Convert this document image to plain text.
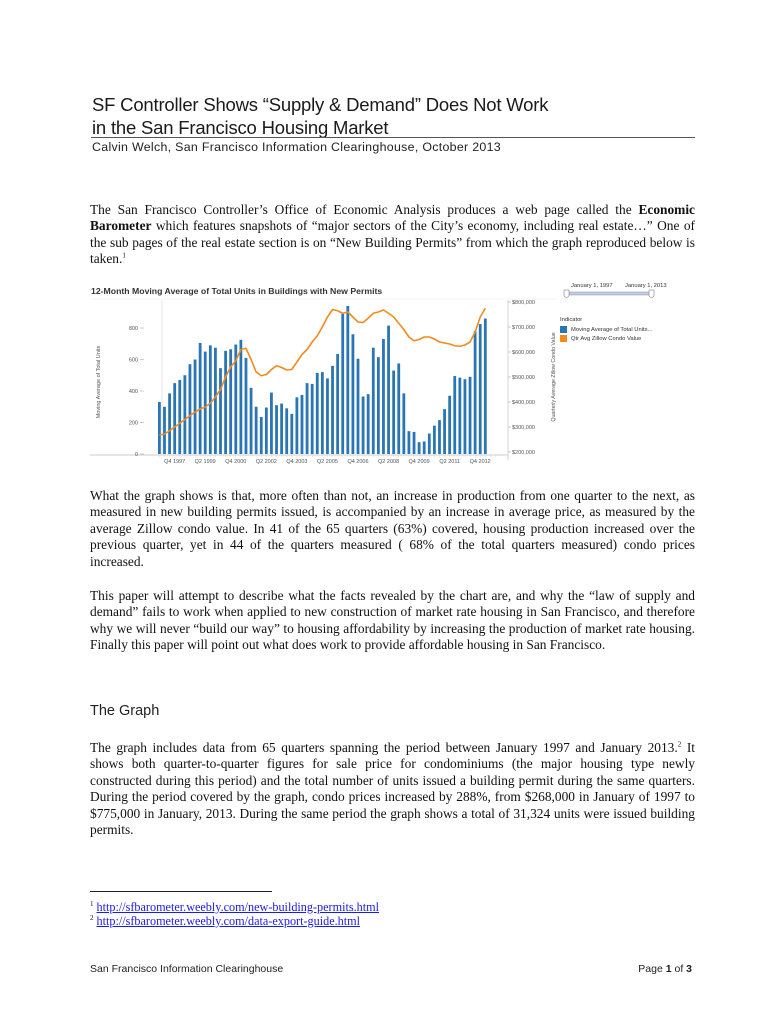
SF Controller Shows “Supply & Demand” Does Not Work
in the San Francisco Housing Market
Calvin Welch, San Francisco Information Clearinghouse, October 2013
The San Francisco Controller’s Office of Economic Analysis produces a web page called the Economic Barometer which features snapshots of “major sectors of the City’s economy, including real estate…” One of the sub pages of the real estate section is on “New Building Permits” from which the graph reproduced below is taken.$^1$
12-Month Moving Average of Total Units in Buildings with New Permits
0
200
400
600
800
Moving Average of Total Units
$200,000
$300,000
$400,000
$500,000
$600,000
$700,000
$800,000
Quarterly Average Zillow Condo Value
Q4 1997 Q2 1999 Q4 2000 Q2 2002 Q4 2003 Q2 2005 Q4 2006 Q2 2008 Q4 2009 Q2 2011 Q4 2012
January 1, 1997 January 1, 2013
Indicator
Moving Average of Total Units...
Qtr Avg Zillow Condo Value
What the graph shows is that, more often than not, an increase in production from one quarter to the next, as measured in new building permits issued, is accompanied by an increase in average price, as measured by the average Zillow condo value. In 41 of the 65 quarters (63%) covered, housing production increased over the previous quarter, yet in 44 of the quarters measured ( 68% of the total quarters measured) condo prices increased.
This paper will attempt to describe what the facts revealed by the chart are, and why the “law of supply and demand” fails to work when applied to new construction of market rate housing in San Francisco, and therefore why we will never “build our way” to housing affordability by increasing the production of market rate housing. Finally this paper will point out what does work to provide affordable housing in San Francisco.
The Graph
The graph includes data from 65 quarters spanning the period between January 1997 and January 2013.$^2$ It shows both quarter-to-quarter figures for sale price for condominiums (the major housing type newly constructed during this period) and the total number of units issued a building permit during the same quarters. During the period covered by the graph, condo prices increased by 288%, from $268,000 in January of 1997 to $775,000 in January, 2013. During the same period the graph shows a total of 31,324 units were issued building permits.
$^1$ http://sfbarometer.weebly.com/new-building-permits.html
$^2$ http://sfbarometer.weebly.com/data-export-guide.html
San Francisco Information Clearinghouse	Page 1 of 3
